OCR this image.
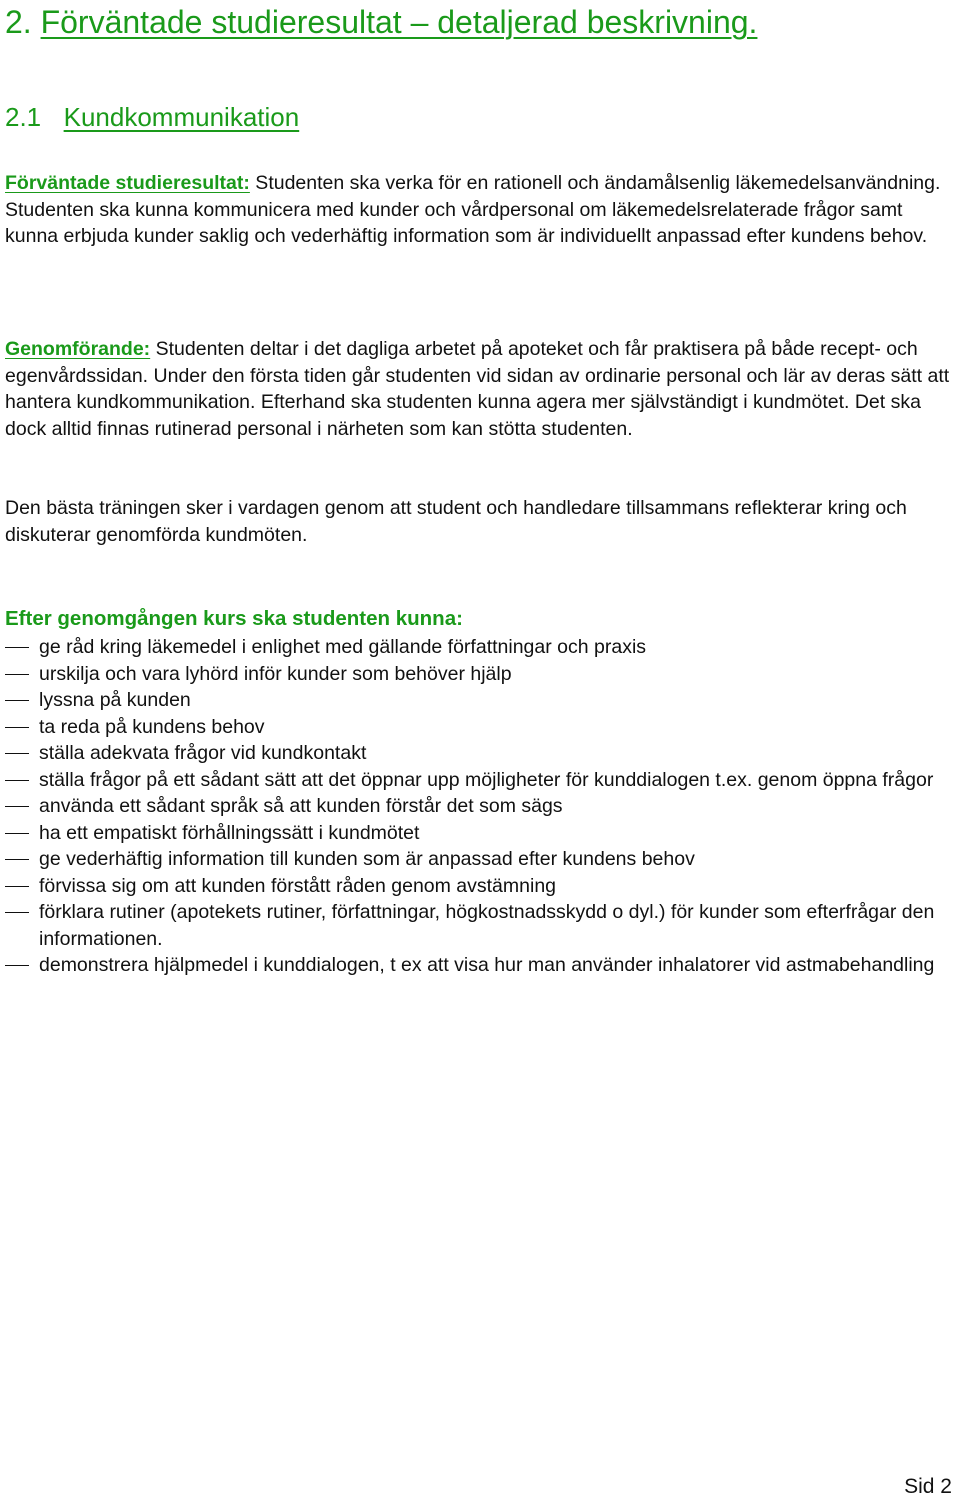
2. Förväntade studieresultat – detaljerad beskrivning.
2.1 Kundkommunikation

Förväntade studieresultat: Studenten ska verka för en rationell och ändamålsenlig läkemedelsanvändning. Studenten ska kunna kommunicera med kunder och vårdpersonal om läkemedelsrelaterade frågor samt kunna erbjuda kunder saklig och vederhäftig information som är individuellt anpassad efter kundens behov.

Genomförande: Studenten deltar i det dagliga arbetet på apoteket och får praktisera på både recept- och egenvårdssidan. Under den första tiden går studenten vid sidan av ordinarie personal och lär av deras sätt att hantera kundkommunikation. Efterhand ska studenten kunna agera mer självständigt i kundmötet. Det ska dock alltid finnas rutinerad personal i närheten som kan stötta studenten.

Den bästa träningen sker i vardagen genom att student och handledare tillsammans reflekterar kring och diskuterar genomförda kundmöten.

Efter genomgången kurs ska studenten kunna:
ge råd kring läkemedel i enlighet med gällande författningar och praxis
urskilja och vara lyhörd inför kunder som behöver hjälp
lyssna på kunden
ta reda på kundens behov
ställa adekvata frågor vid kundkontakt
ställa frågor på ett sådant sätt att det öppnar upp möjligheter för kunddialogen t.ex. genom öppna frågor
använda ett sådant språk så att kunden förstår det som sägs
ha ett empatiskt förhållningssätt i kundmötet
ge vederhäftig information till kunden som är anpassad efter kundens behov
förvissa sig om att kunden förstått råden genom avstämning
förklara rutiner (apotekets rutiner, författningar, högkostnadsskydd o dyl.) för kunder som efterfrågar den informationen.
demonstrera hjälpmedel i kunddialogen, t ex att visa hur man använder inhalatorer vid astmabehandling
Sid 2
